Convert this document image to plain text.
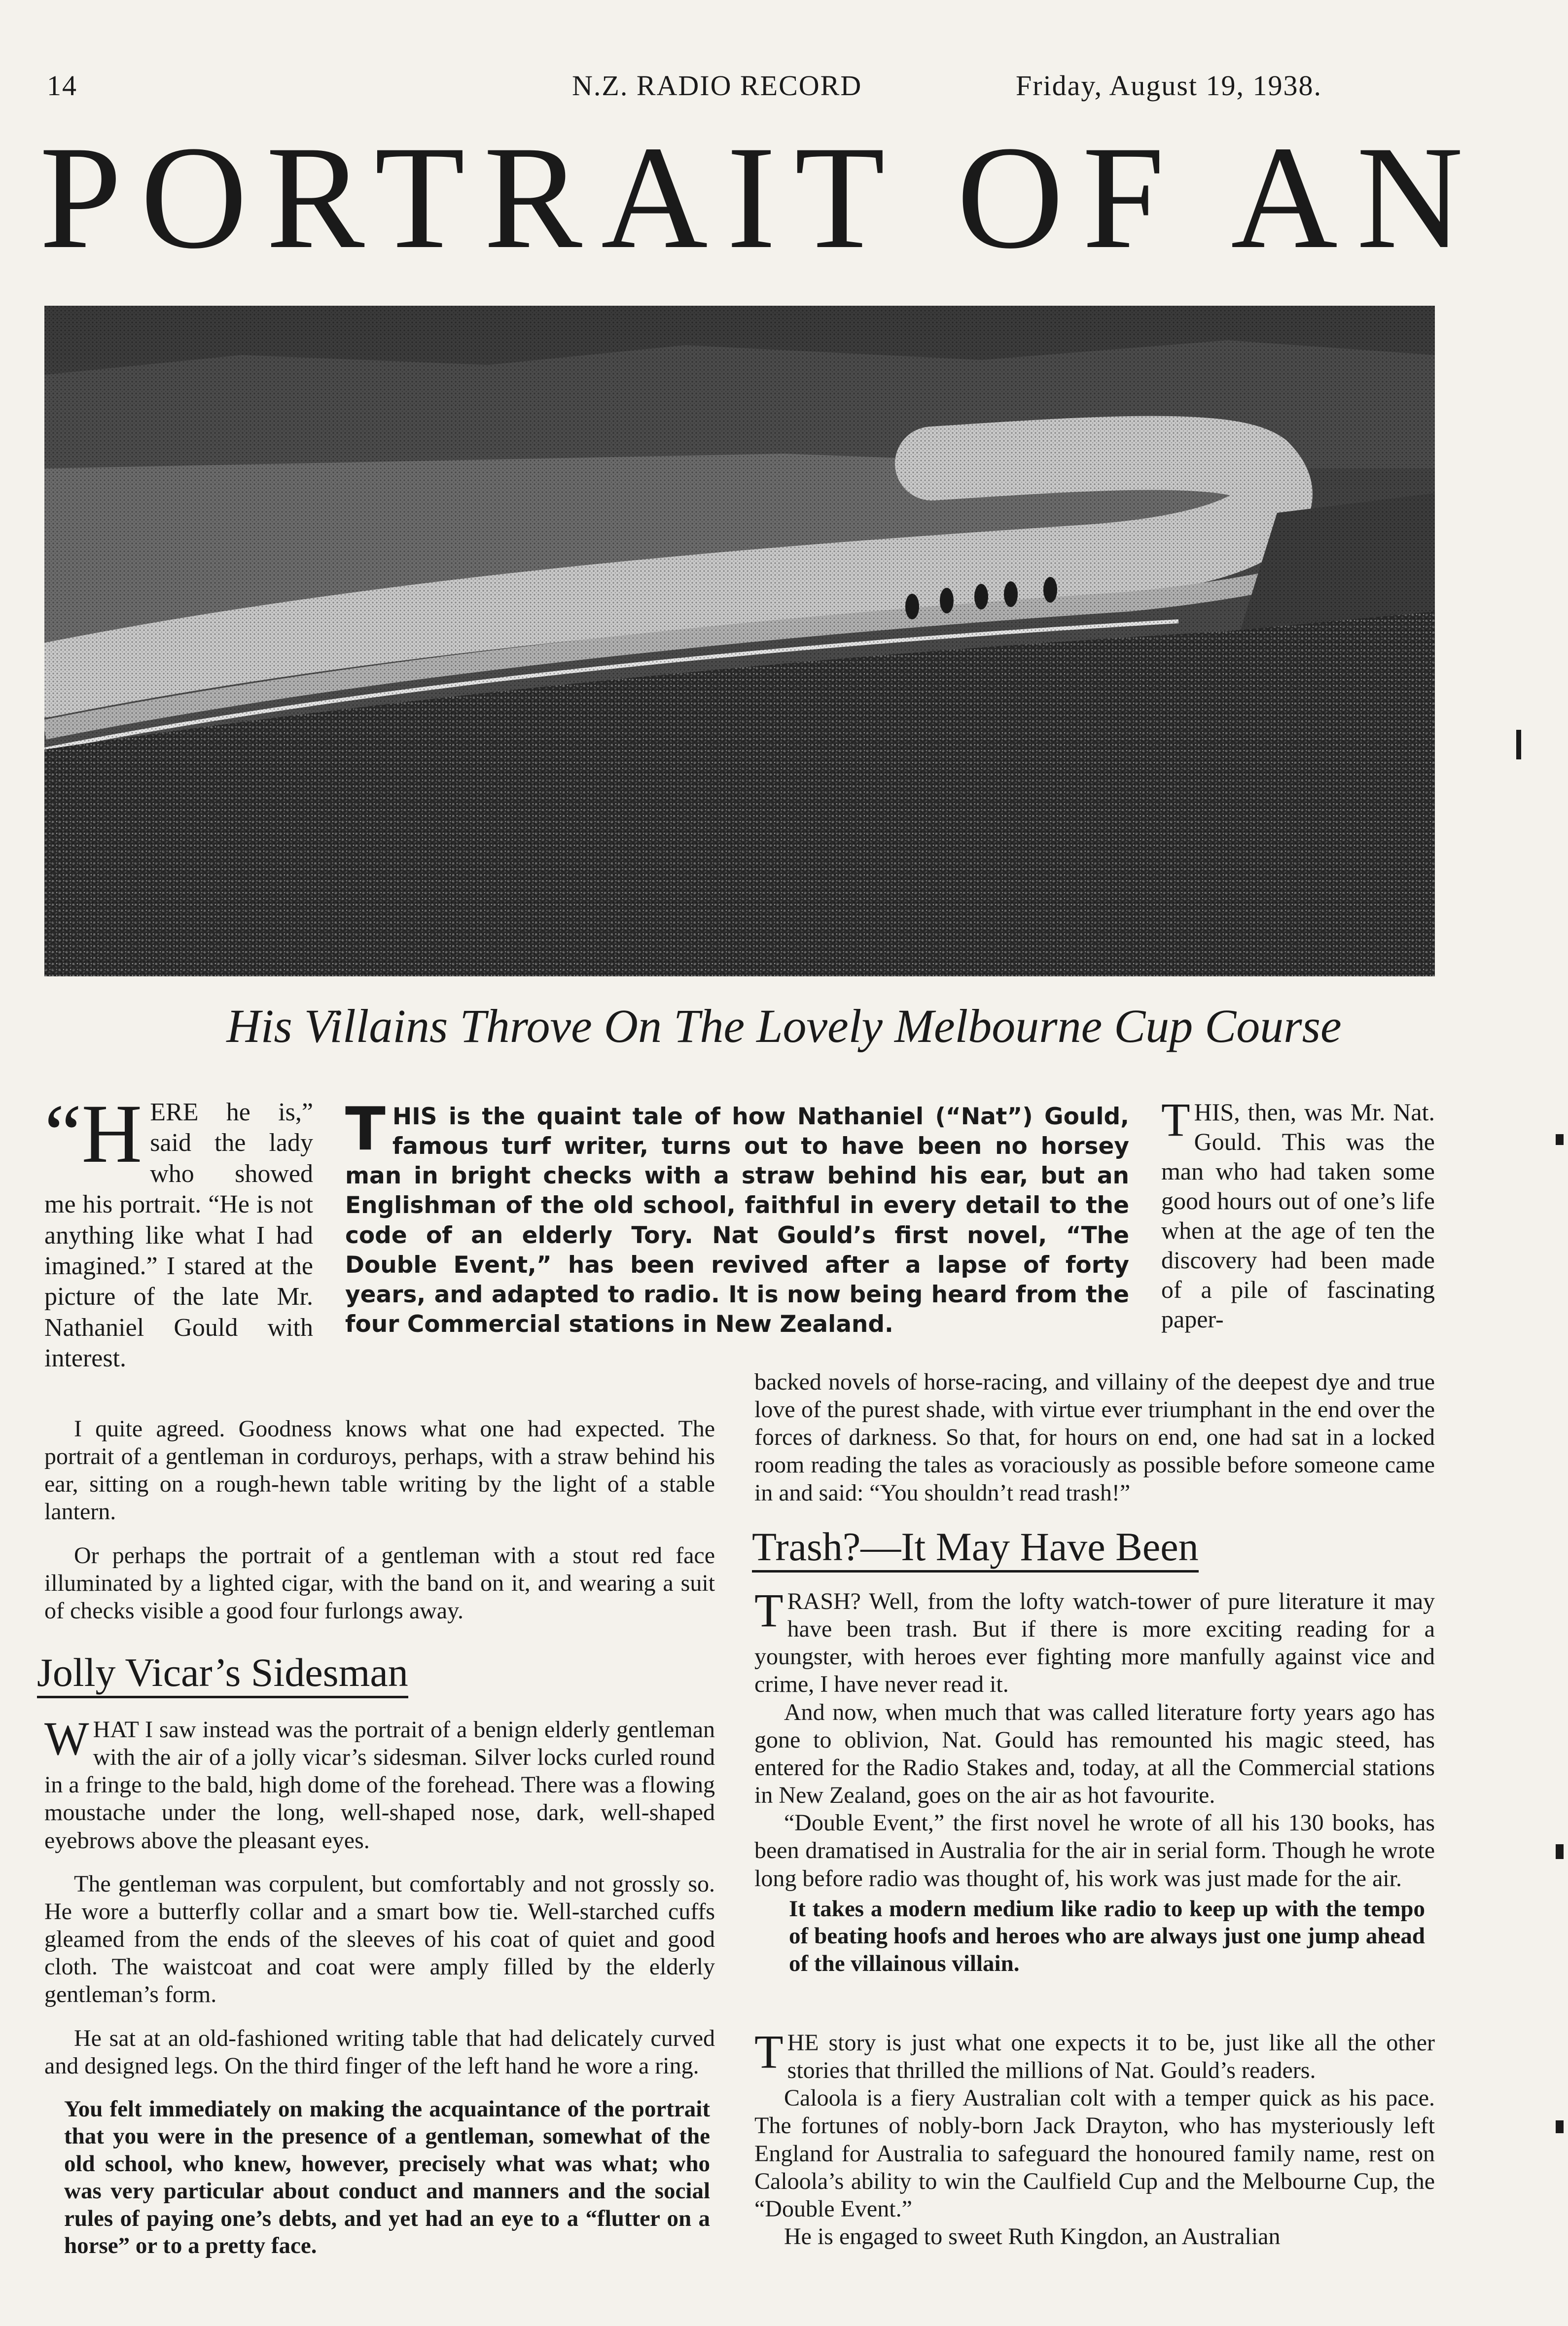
14	N.Z. RADIO RECORD	Friday, August 19, 1938.
PORTRAIT OF AN
His Villains Throve On The Lovely Melbourne Cup Course
“H ERE he is,” said the lady who showed me his portrait. “He is not anything like what I had imagined.” I stared at the picture of the late Mr. Nathaniel Gould with interest.
T HIS is the quaint tale of how Nathaniel (“Nat”) Gould, famous turf writer, turns out to have been no horsey man in bright checks with a straw behind his ear, but an Englishman of the old school, faithful in every detail to the code of an elderly Tory. Nat Gould’s first novel, “The Double Event,” has been revived after a lapse of forty years, and adapted to radio. It is now being heard from the four Commercial stations in New Zealand.
T HIS, then, was Mr. Nat. Gould. This was the man who had taken some good hours out of one’s life when at the age of ten the discovery had been made of a pile of fascinating paper-

I quite agreed. Goodness knows what one had expected. The portrait of a gentleman in corduroys, perhaps, with a straw behind his ear, sitting on a rough-hewn table writing by the light of a stable lantern.

Or perhaps the portrait of a gentleman with a stout red face illuminated by a lighted cigar, with the band on it, and wearing a suit of checks visible a good four furlongs away.

Jolly Vicar’s Sidesman

WHAT I saw instead was the portrait of a benign elderly gentleman with the air of a jolly vicar’s sidesman. Silver locks curled round in a fringe to the bald, high dome of the forehead. There was a flowing moustache under the long, well-shaped nose, dark, well-shaped eyebrows above the pleasant eyes.

The gentleman was corpulent, but comfortably and not grossly so. He wore a butterfly collar and a smart bow tie. Well-starched cuffs gleamed from the ends of the sleeves of his coat of quiet and good cloth. The waistcoat and coat were amply filled by the elderly gentleman’s form.

He sat at an old-fashioned writing table that had delicately curved and designed legs. On the third finger of the left hand he wore a ring.

You felt immediately on making the acquaintance of the portrait that you were in the presence of a gentleman, somewhat of the old school, who knew, however, precisely what was what; who was very particular about conduct and manners and the social rules of paying one’s debts, and yet had an eye to a “flutter on a horse” or to a pretty face.

backed novels of horse-racing, and villainy of the deepest dye and true love of the purest shade, with virtue ever triumphant in the end over the forces of darkness. So that, for hours on end, one had sat in a locked room reading the tales as voraciously as possible before someone came in and said: “You shouldn’t read trash!”

Trash?—It May Have Been

TRASH? Well, from the lofty watch-tower of pure literature it may have been trash. But if there is more exciting reading for a youngster, with heroes ever fighting more manfully against vice and crime, I have never read it.

And now, when much that was called literature forty years ago has gone to oblivion, Nat. Gould has remounted his magic steed, has entered for the Radio Stakes and, today, at all the Commercial stations in New Zealand, goes on the air as hot favourite.

“Double Event,” the first novel he wrote of all his 130 books, has been dramatised in Australia for the air in serial form. Though he wrote long before radio was thought of, his work was just made for the air.

It takes a modern medium like radio to keep up with the tempo of beating hoofs and heroes who are always just one jump ahead of the villainous villain.

THE story is just what one expects it to be, just like all the other stories that thrilled the millions of Nat. Gould’s readers.

Caloola is a fiery Australian colt with a temper quick as his pace. The fortunes of nobly-born Jack Drayton, who has mysteriously left England for Australia to safeguard the honoured family name, rest on Caloola’s ability to win the Caulfield Cup and the Melbourne Cup, the “Double Event.”

He is engaged to sweet Ruth Kingdon, an Australian
